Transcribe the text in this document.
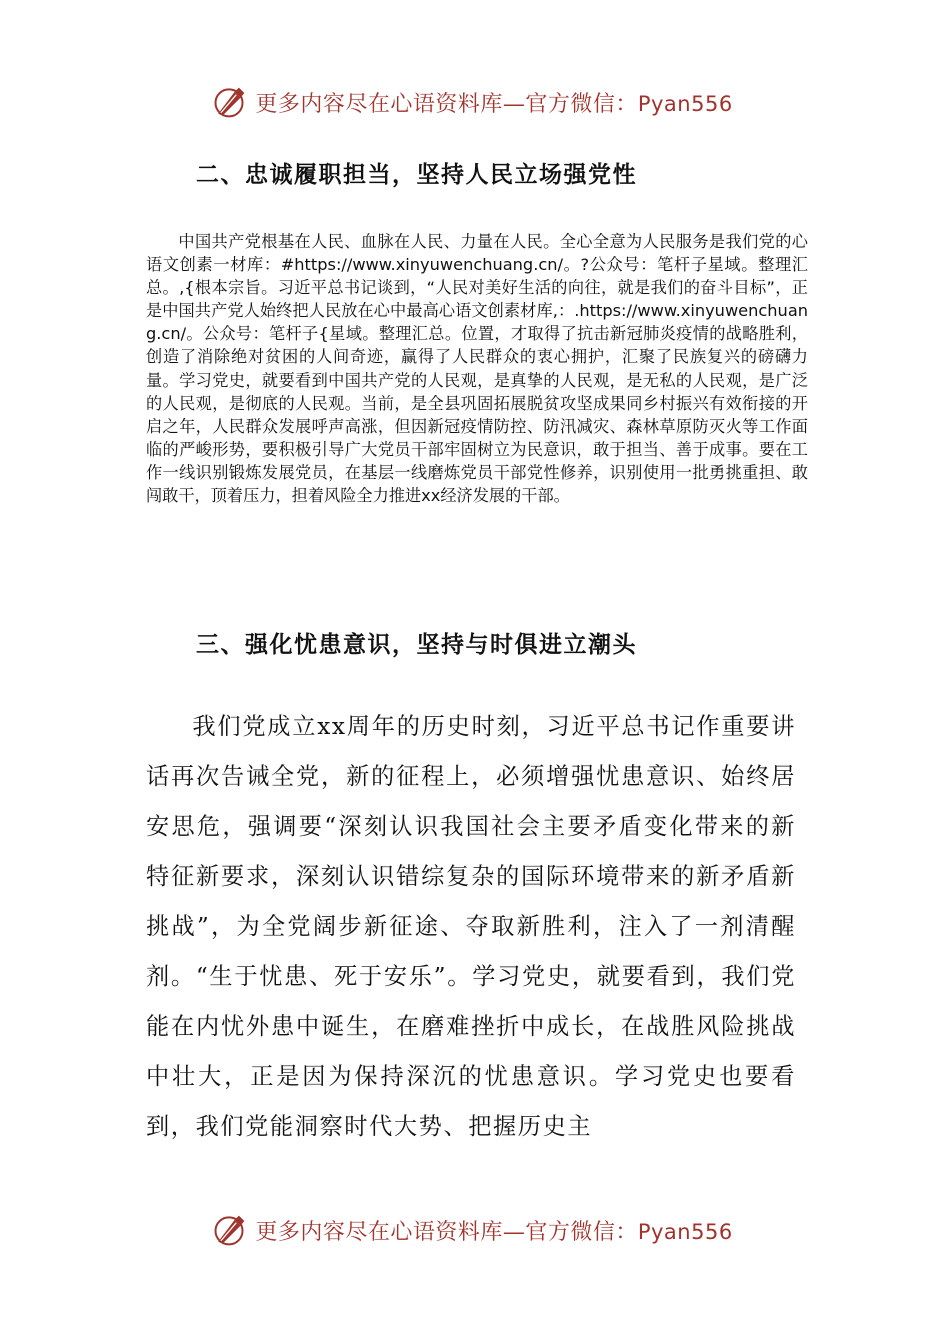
更多内容尽在心语资料库—官方微信：Pyan556
二、忠诚履职担当，坚持人民立场强党性

中国共产党根基在人民、血脉在人民、力量在人民。全心全意为人民服务是我们党的心语文创素一材库：#https://www.xinyuwenchuang.cn/。?公众号：笔杆子星域。整理汇总。,{根本宗旨。习近平总书记谈到，“人民对美好生活的向往，就是我们的奋斗目标”，正是中国共产党人始终把人民放在心中最高心语文创素材库,：.https://www.xinyuwenchuang.cn/。公众号：笔杆子{星域。整理汇总。位置，才取得了抗击新冠肺炎疫情的战略胜利，创造了消除绝对贫困的人间奇迹，赢得了人民群众的衷心拥护，汇聚了民族复兴的磅礴力量。学习党史，就要看到中国共产党的人民观，是真挚的人民观，是无私的人民观，是广泛的人民观，是彻底的人民观。当前，是全县巩固拓展脱贫攻坚成果同乡村振兴有效衔接的开启之年，人民群众发展呼声高涨，但因新冠疫情防控、防汛减灾、森林草原防灭火等工作面临的严峻形势，要积极引导广大党员干部牢固树立为民意识，敢于担当、善于成事。要在工作一线识别锻炼发展党员，在基层一线磨炼党员干部党性修养，识别使用一批勇挑重担、敢闯敢干，顶着压力，担着风险全力推进xx经济发展的干部。

三、强化忧患意识，坚持与时俱进立潮头

我们党成立xx周年的历史时刻，习近平总书记作重要讲话再次告诫全党，新的征程上，必须增强忧患意识、始终居安思危，强调要“深刻认识我国社会主要矛盾变化带来的新特征新要求，深刻认识错综复杂的国际环境带来的新矛盾新挑战”，为全党阔步新征途、夺取新胜利，注入了一剂清醒剂。“生于忧患、死于安乐”。学习党史，就要看到，我们党能在内忧外患中诞生，在磨难挫折中成长，在战胜风险挑战中壮大，正是因为保持深沉的忧患意识。学习党史也要看到，我们党能洞察时代大势、把握历史主

更多内容尽在心语资料库—官方微信：Pyan556
